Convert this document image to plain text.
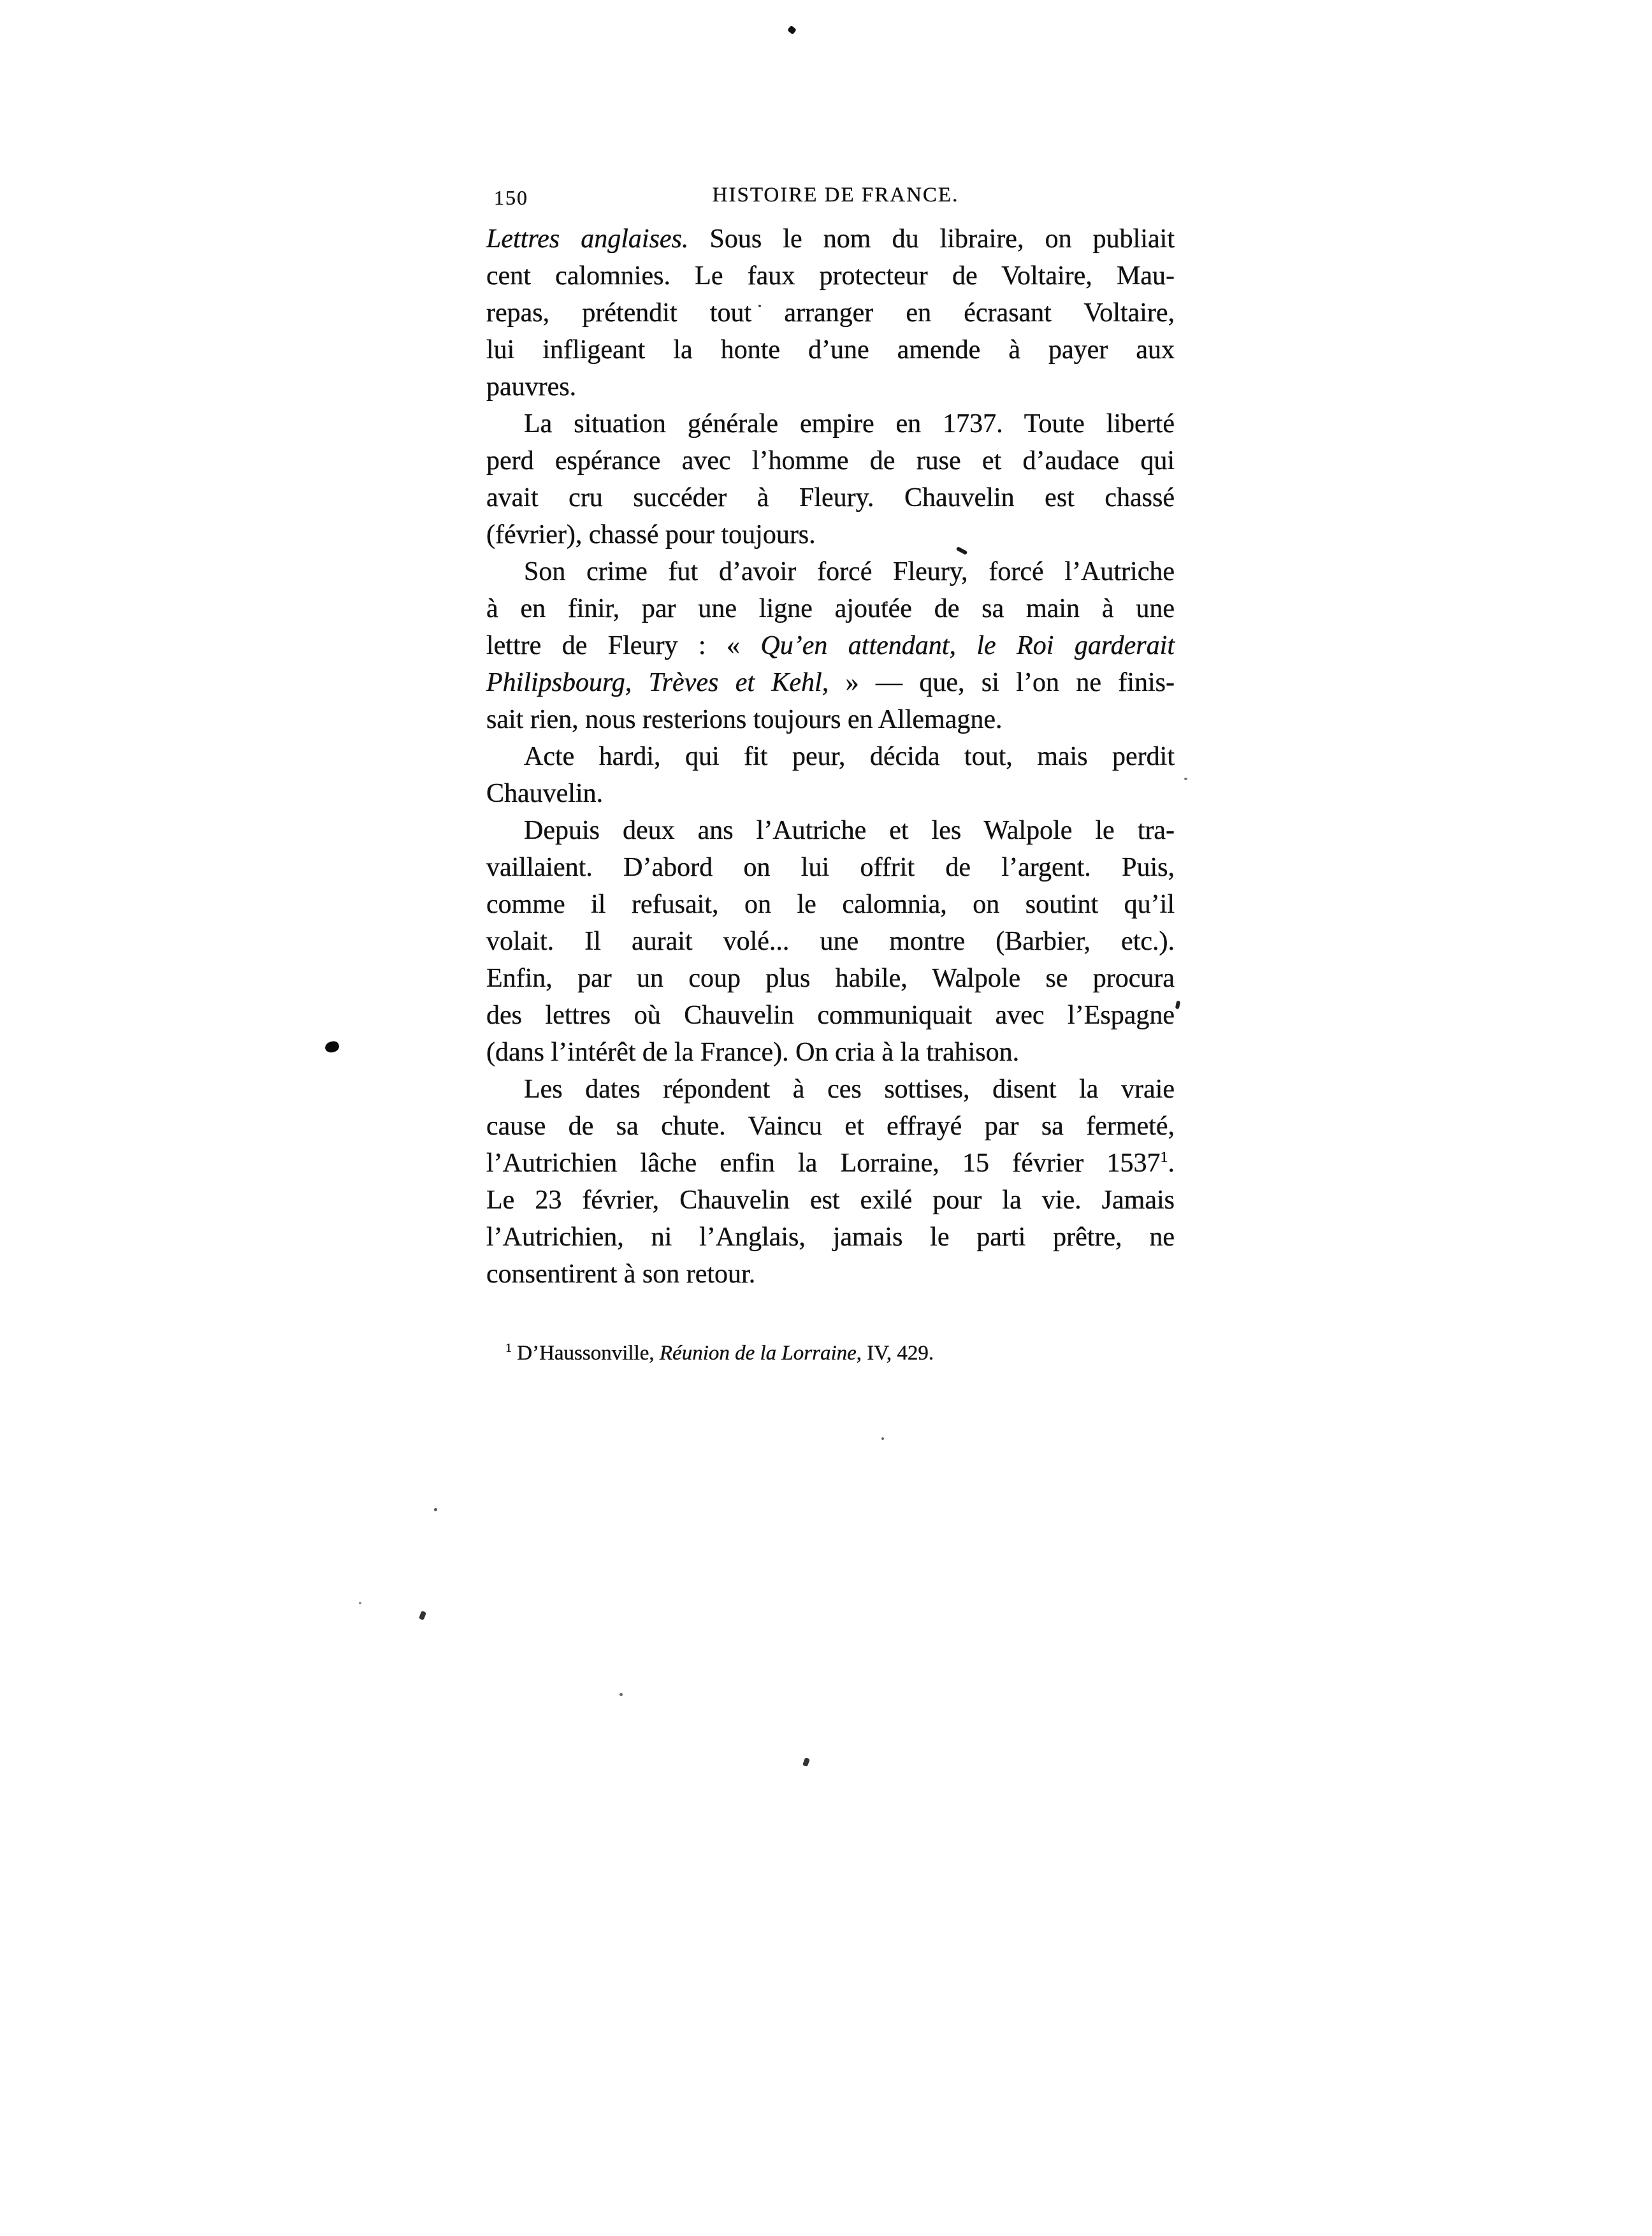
150	HISTOIRE DE FRANCE.
Lettres anglaises. Sous le nom du libraire, on publiait
cent calomnies. Le faux protecteur de Voltaire, Mau-
repas, prétendit tout arranger en écrasant Voltaire,
lui infligeant la honte d’une amende à payer aux
pauvres.
La situation générale empire en 1737. Toute liberté
perd espérance avec l’homme de ruse et d’audace qui
avait cru succéder à Fleury. Chauvelin est chassé
(février), chassé pour toujours.
Son crime fut d’avoir forcé Fleury, forcé l’Autriche
à en finir, par une ligne ajoutée de sa main à une
lettre de Fleury : « Qu’en attendant, le Roi garderait
Philipsbourg, Trèves et Kehl, » — que, si l’on ne finis-
sait rien, nous resterions toujours en Allemagne.
Acte hardi, qui fit peur, décida tout, mais perdit
Chauvelin.
Depuis deux ans l’Autriche et les Walpole le tra-
vaillaient. D’abord on lui offrit de l’argent. Puis,
comme il refusait, on le calomnia, on soutint qu’il
volait. Il aurait volé... une montre (Barbier, etc.).
Enfin, par un coup plus habile, Walpole se procura
des lettres où Chauvelin communiquait avec l’Espagne
(dans l’intérêt de la France). On cria à la trahison.
Les dates répondent à ces sottises, disent la vraie
cause de sa chute. Vaincu et effrayé par sa fermeté,
l’Autrichien lâche enfin la Lorraine, 15 février 1537$^1$.
Le 23 février, Chauvelin est exilé pour la vie. Jamais
l’Autrichien, ni l’Anglais, jamais le parti prêtre, ne
consentirent à son retour.
$^1$ D’Haussonville, Réunion de la Lorraine, IV, 429.
